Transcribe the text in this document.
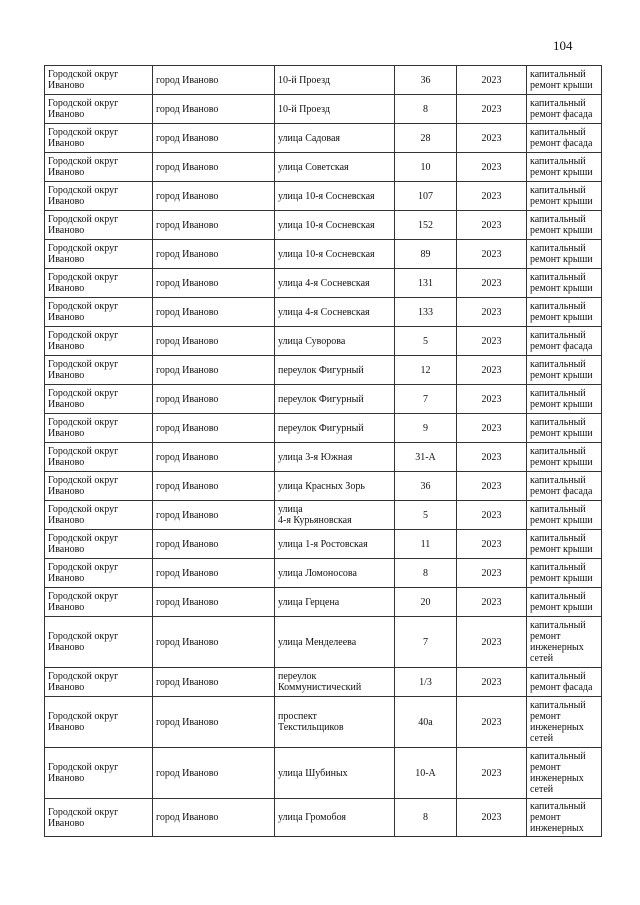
104
Городской округ Иваново	город Иваново	10-й Проезд	36	2023	капитальный ремонт крыши
Городской округ Иваново	город Иваново	10-й Проезд	8	2023	капитальный ремонт фасада
Городской округ Иваново	город Иваново	улица Садовая	28	2023	капитальный ремонт фасада
Городской округ Иваново	город Иваново	улица Советская	10	2023	капитальный ремонт крыши
Городской округ Иваново	город Иваново	улица 10-я Сосневская	107	2023	капитальный ремонт крыши
Городской округ Иваново	город Иваново	улица 10-я Сосневская	152	2023	капитальный ремонт крыши
Городской округ Иваново	город Иваново	улица 10-я Сосневская	89	2023	капитальный ремонт крыши
Городской округ Иваново	город Иваново	улица 4-я Сосневская	131	2023	капитальный ремонт крыши
Городской округ Иваново	город Иваново	улица 4-я Сосневская	133	2023	капитальный ремонт крыши
Городской округ Иваново	город Иваново	улица Суворова	5	2023	капитальный ремонт фасада
Городской округ Иваново	город Иваново	переулок Фигурный	12	2023	капитальный ремонт крыши
Городской округ Иваново	город Иваново	переулок Фигурный	7	2023	капитальный ремонт крыши
Городской округ Иваново	город Иваново	переулок Фигурный	9	2023	капитальный ремонт крыши
Городской округ Иваново	город Иваново	улица 3-я Южная	31-А	2023	капитальный ремонт крыши
Городской округ Иваново	город Иваново	улица Красных Зорь	36	2023	капитальный ремонт фасада
Городской округ Иваново	город Иваново	улица
4-я Курьяновская	5	2023	капитальный ремонт крыши
Городской округ Иваново	город Иваново	улица 1-я Ростовская	11	2023	капитальный ремонт крыши
Городской округ Иваново	город Иваново	улица Ломоносова	8	2023	капитальный ремонт крыши
Городской округ Иваново	город Иваново	улица Герцена	20	2023	капитальный ремонт крыши
Городской округ Иваново	город Иваново	улица Менделеева	7	2023	капитальный
ремонт
инженерных
сетей
Городской округ Иваново	город Иваново	переулок
Коммунистический	1/3	2023	капитальный ремонт фасада
Городской округ Иваново	город Иваново	проспект
Текстильщиков	40а	2023	капитальный
ремонт
инженерных
сетей
Городской округ Иваново	город Иваново	улица Шубиных	10-А	2023	капитальный
ремонт
инженерных
сетей
Городской округ Иваново	город Иваново	улица Громобоя	8	2023	капитальный
ремонт
инженерных
